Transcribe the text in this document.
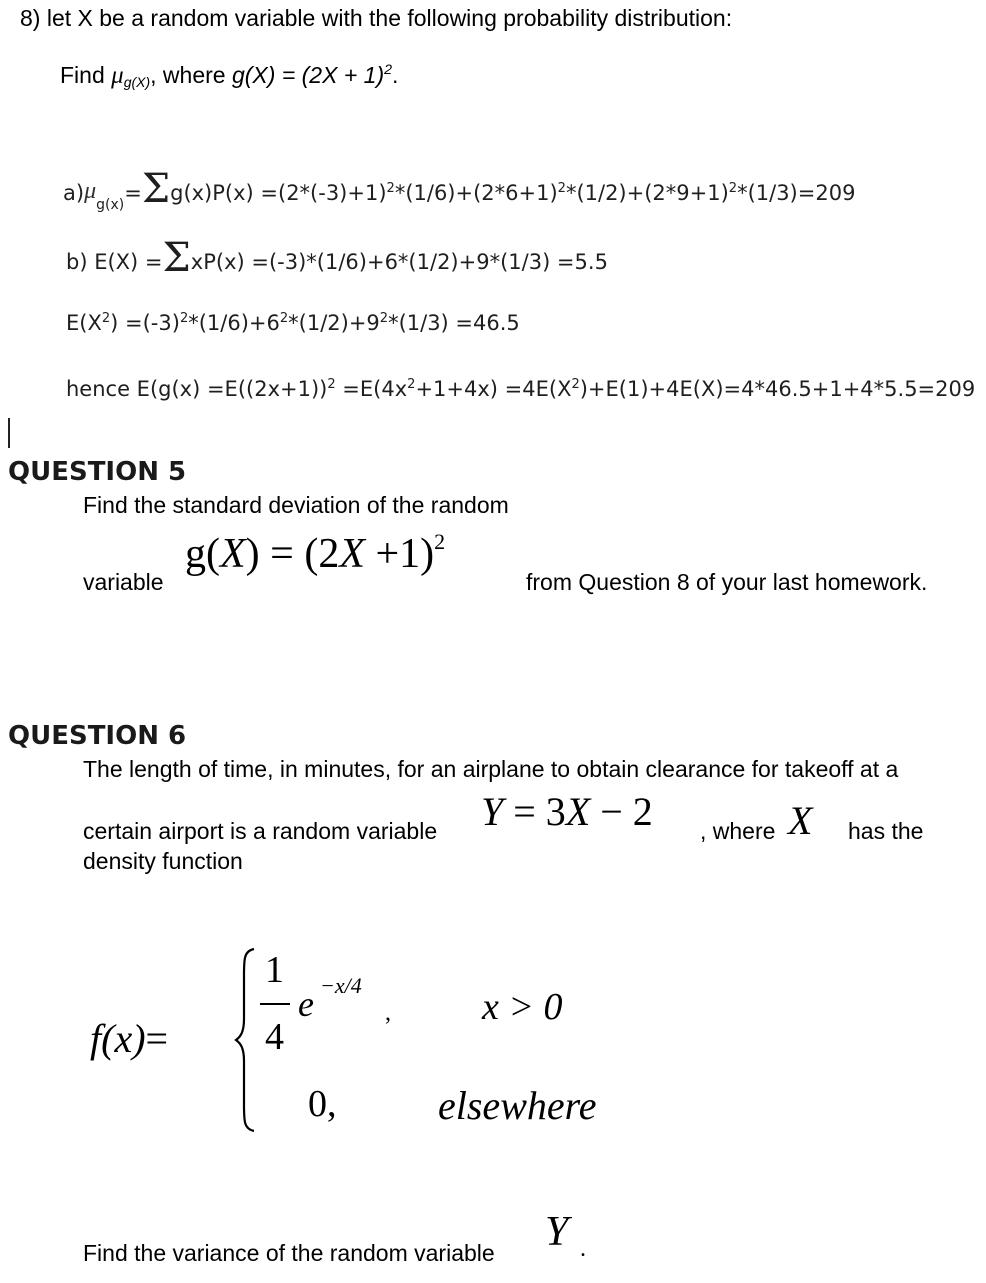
8) let X be a random variable with the following probability distribution:
Find $\mu_{g(X)}$, where $g(X) = (2X + 1)^2$.
a) μ
g(x) = Σ $g(x)P(x) =(2*(-3)+1)^2*(1/6)+(2*6+1)^2*(1/2)+(2*9+1)^2*(1/3)=209$
b) E(X) = Σ xP(x) =(-3)*(1/6)+6*(1/2)+9*(1/3) =5.5
$E(X^2) =(-3)^2*(1/6)+6^2*(1/2)+9^2*(1/3) =46.5$
hence $E(g(x) =E((2x+1))^2 =E(4x^2+1+4x) =4E(X^2)+E(1)+4E(X)=4*46.5+1+4*5.5=209$
QUESTION 5
Find the standard deviation of the random
variable
$g(X) = (2X +1)^2$
from Question 8 of your last homework.
QUESTION 6
The length of time, in minutes, for an airplane to obtain clearance for takeoff at a
certain airport is a random variable Y = 3X − 2 , where X has the
density function
f(x)=
1
4
e −x/4
, x > 0
0,	elsewhere
Find the variance of the random variable Y .
